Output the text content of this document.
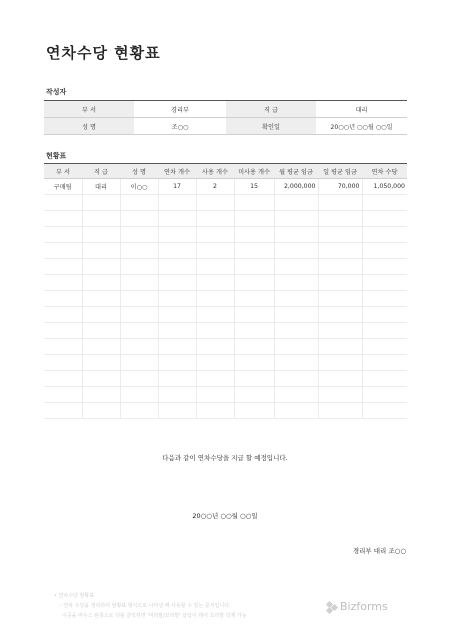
연차수당 현황표
작성자
부 서	경리부	직 급	대리
성 명	조○○	확인일	20○○년 ○○월 ○○일
현황표
부 서	직 급	성 명	연차 개수	사용 개수	미사용 개수	월 평균 임금	일 평균 임금	연차 수당
구매팀	대리	이○○	17	2	15	2,000,000	70,000	1,050,000

다음과 같이 연차수당을 지급 할 예정입니다.
20○○년 ○○월 ○○일
경리부 대리 조○○
• 연차수당 현황표
- 연차 수당을 정리하여 현황표 형식으로 나타낼 때 사용할 수 있는 문서입니다.
이곳을 마우스 왼쪽으로 더블 클릭하면 '머리말/꼬리말' 삽입이 돼어 꼬리말 삭제 가능
Bizforms
